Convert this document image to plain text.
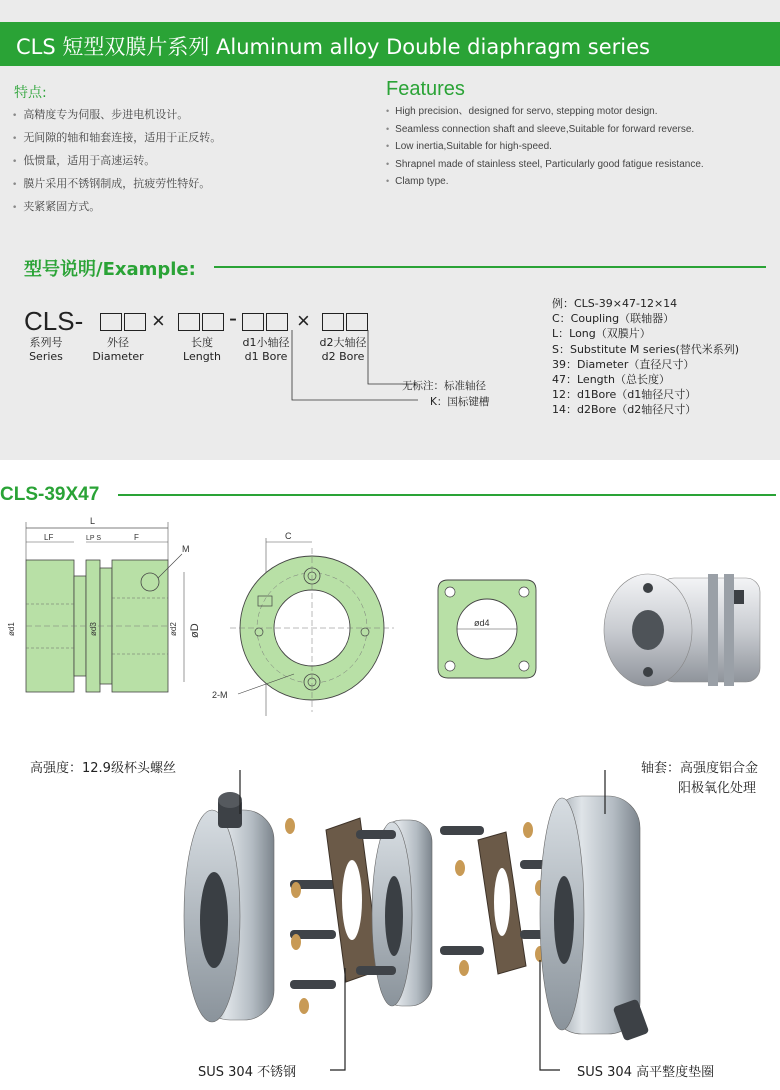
CLS 短型双膜片系列 Aluminum alloy Double diaphragm series
特点:
• 高精度专为伺服、步进电机设计。
• 无间隙的轴和轴套连接，适用于正反转。
• 低惯量，适用于高速运转。
• 膜片采用不锈钢制成，抗疲劳性特好。
• 夹紧紧固方式。
Features
• High precision、designed for servo, stepping motor design.
• Seamless connection shaft and sleeve,Suitable for forward reverse.
• Low inertia,Suitable for high-speed.
• Shrapnel made of stainless steel, Particularly good fatigue resistance.
• Clamp type.
型号说明/Example:
CLS-	×	-	×
系列号
Series
外径
Diameter
长度
Length
d1小轴径
d1 Bore
d2大轴径
d2 Bore
无标注：标准轴径
K：国标键槽
例：CLS-39×47-12×14
C：Coupling（联轴器）
L：Long（双膜片）
S：Substitute M series(替代米系列)
39：Diameter（直径尺寸）
47：Length（总长度）
12：d1Bore（d1轴径尺寸）
14：d2Bore（d2轴径尺寸）
CLS-39X47
L
LF	LP S	F
M
ød1	ød3	ød2 øD
C
2-M
ød4
高强度：12.9级杯头螺丝	轴套：高强度铝合金
阳极氧化处理
SUS 304 不锈钢	SUS 304 高平整度垫圈
